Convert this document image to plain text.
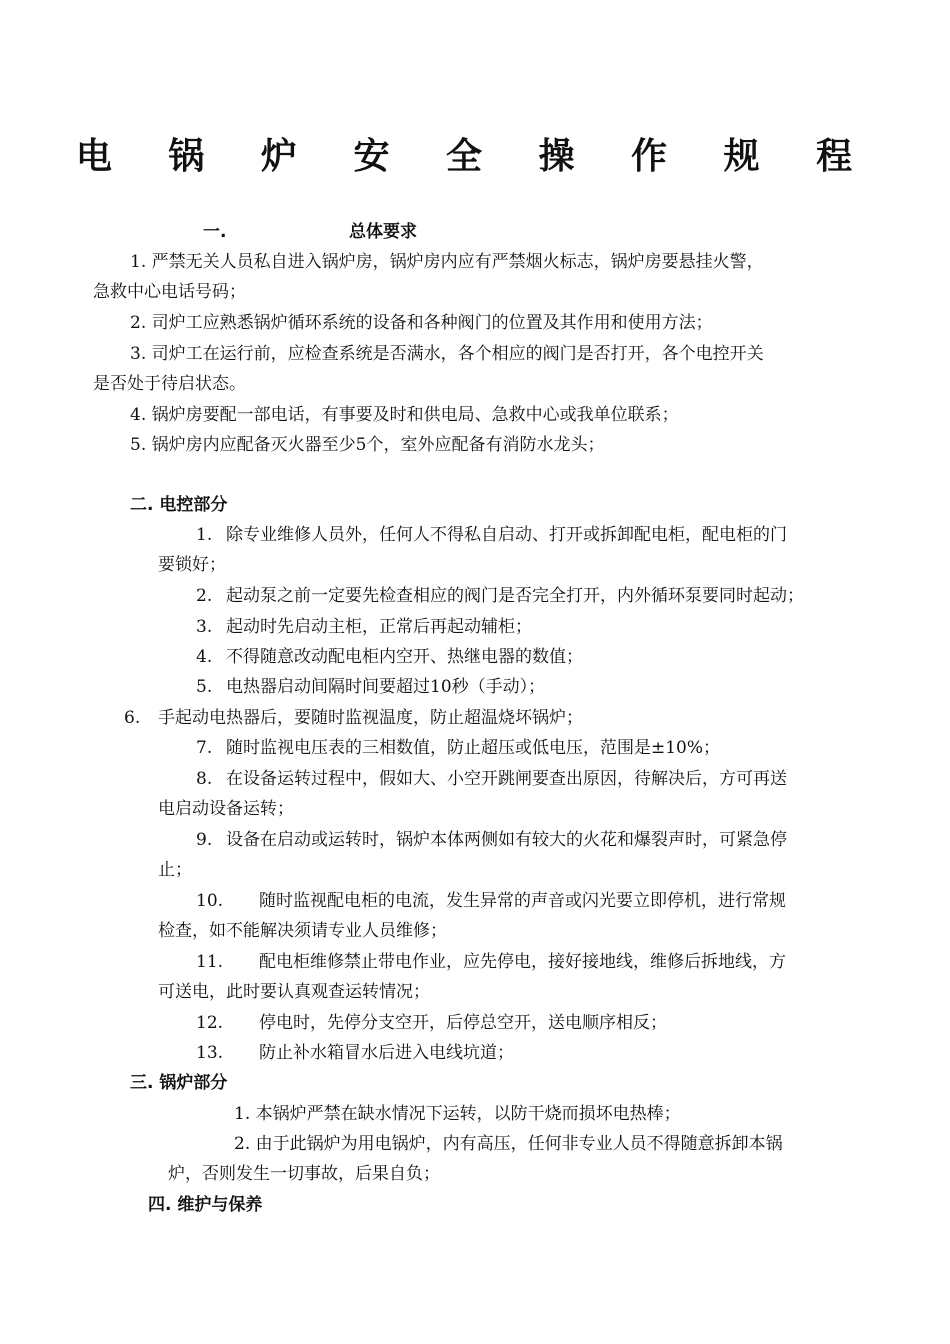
电 锅 炉 安 全 操 作 规 程
一.	总体要求
1. 严禁无关人员私自进入锅炉房，锅炉房内应有严禁烟火标志，锅炉房要悬挂火警，
急救中心电话号码；
2. 司炉工应熟悉锅炉循环系统的设备和各种阀门的位置及其作用和使用方法；
3. 司炉工在运行前，应检查系统是否满水，各个相应的阀门是否打开，各个电控开关
是否处于待启状态。
4. 锅炉房要配一部电话，有事要及时和供电局、急救中心或我单位联系；
5. 锅炉房内应配备灭火器至少5个，室外应配备有消防水龙头；
二. 电控部分
1. 除专业维修人员外，任何人不得私自启动、打开或拆卸配电柜，配电柜的门
要锁好；
2. 起动泵之前一定要先检查相应的阀门是否完全打开，内外循环泵要同时起动；
3. 起动时先启动主柜，正常后再起动辅柜；
4. 不得随意改动配电柜内空开、热继电器的数值；
5. 电热器启动间隔时间要超过10秒（手动）；
6. 手起动电热器后，要随时监视温度，防止超温烧坏锅炉；
7. 随时监视电压表的三相数值，防止超压或低电压，范围是±10%；
8. 在设备运转过程中，假如大、小空开跳闸要查出原因，待解决后，方可再送
电启动设备运转；
9. 设备在启动或运转时，锅炉本体两侧如有较大的火花和爆裂声时，可紧急停
止；
10. 随时监视配电柜的电流，发生异常的声音或闪光要立即停机，进行常规
检查，如不能解决须请专业人员维修；
11. 配电柜维修禁止带电作业，应先停电，接好接地线，维修后拆地线，方
可送电，此时要认真观查运转情况；
12. 停电时，先停分支空开，后停总空开，送电顺序相反；
13. 防止补水箱冒水后进入电线坑道；
三. 锅炉部分
1. 本锅炉严禁在缺水情况下运转，以防干烧而损坏电热棒；
2. 由于此锅炉为用电锅炉，内有高压，任何非专业人员不得随意拆卸本锅
炉，否则发生一切事故，后果自负；
四. 维护与保养
